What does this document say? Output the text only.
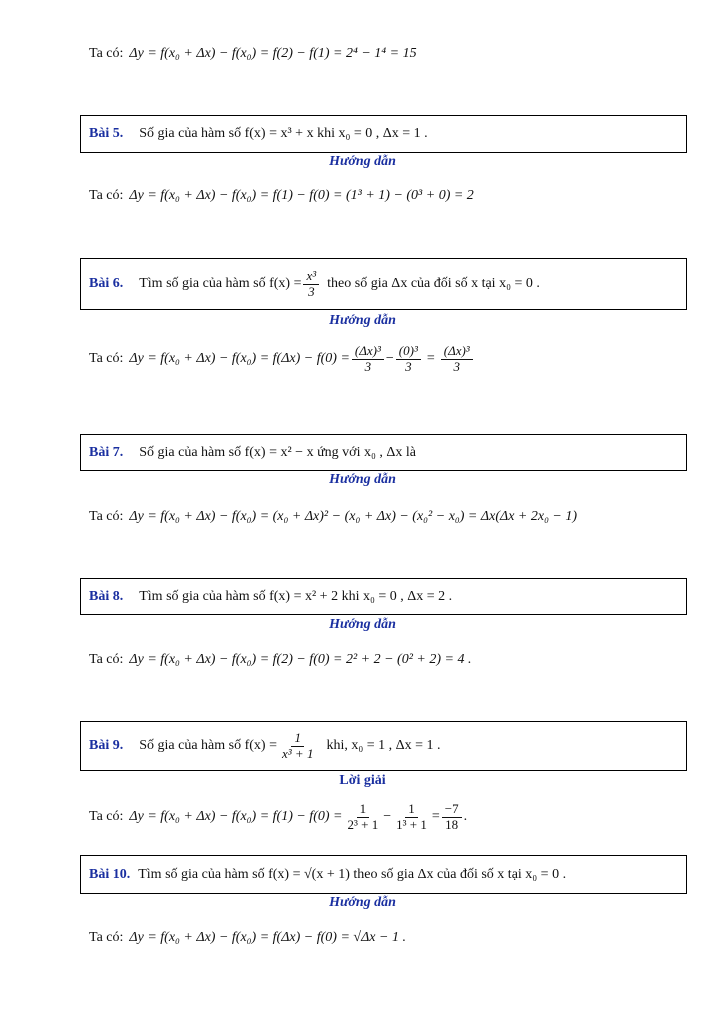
Ta có: Δy = f(x₀ + Δx) − f(x₀) = f(2) − f(1) = 2⁴ − 1⁴ = 15
Bài 5. Số gia của hàm số f(x) = x³ + x khi x₀ = 0 , Δx = 1 .
Hướng dẫn
Ta có: Δy = f(x₀ + Δx) − f(x₀) = f(1) − f(0) = (1³ + 1) − (0³ + 0) = 2
Bài 6. Tìm số gia của hàm số $f(x) = \frac{\text{x³}}{3}$ theo số gia Δx của đối số x tại x₀ = 0 .
Hướng dẫn
Ta có: $\Delta y = f(x_0 + \Delta x) - f(x_0) = f(\Delta x) - f(0) = \frac{\text{(Δx)³}}{3} - \frac{\text{(0)³}}{3} = \frac{\text{(Δx)³}}{3}$
Bài 7. Số gia của hàm số f(x) = x² − x ứng với x₀ , Δx là
Hướng dẫn
Ta có: Δy = f(x₀ + Δx) − f(x₀) = (x₀ + Δx)² − (x₀ + Δx) − (x₀² − x₀) = Δx(Δx + 2x₀ − 1)
Bài 8. Tìm số gia của hàm số f(x) = x² + 2 khi x₀ = 0 , Δx = 2 .
Hướng dẫn
Ta có: Δy = f(x₀ + Δx) − f(x₀) = f(2) − f(0) = 2² + 2 − (0² + 2) = 4 .
Bài 9. Số gia của hàm số $f(x) = \frac{1}{\text{x³ + 1}}$ khi, x₀ = 1 , Δx = 1 .
Lời giải
Ta có: $\Delta y = f(x_0 + \Delta x) - f(x_0) = f(1) - f(0) = \frac{1}{\text{2³ + 1}} - \frac{1}{\text{1³ + 1}} = \frac{-7}{18}$ .
Bài 10. Tìm số gia của hàm số f(x) = √(x + 1) theo số gia Δx của đối số x tại x₀ = 0 .
Hướng dẫn
Ta có: Δy = f(x₀ + Δx) − f(x₀) = f(Δx) − f(0) = √Δx − 1 .
